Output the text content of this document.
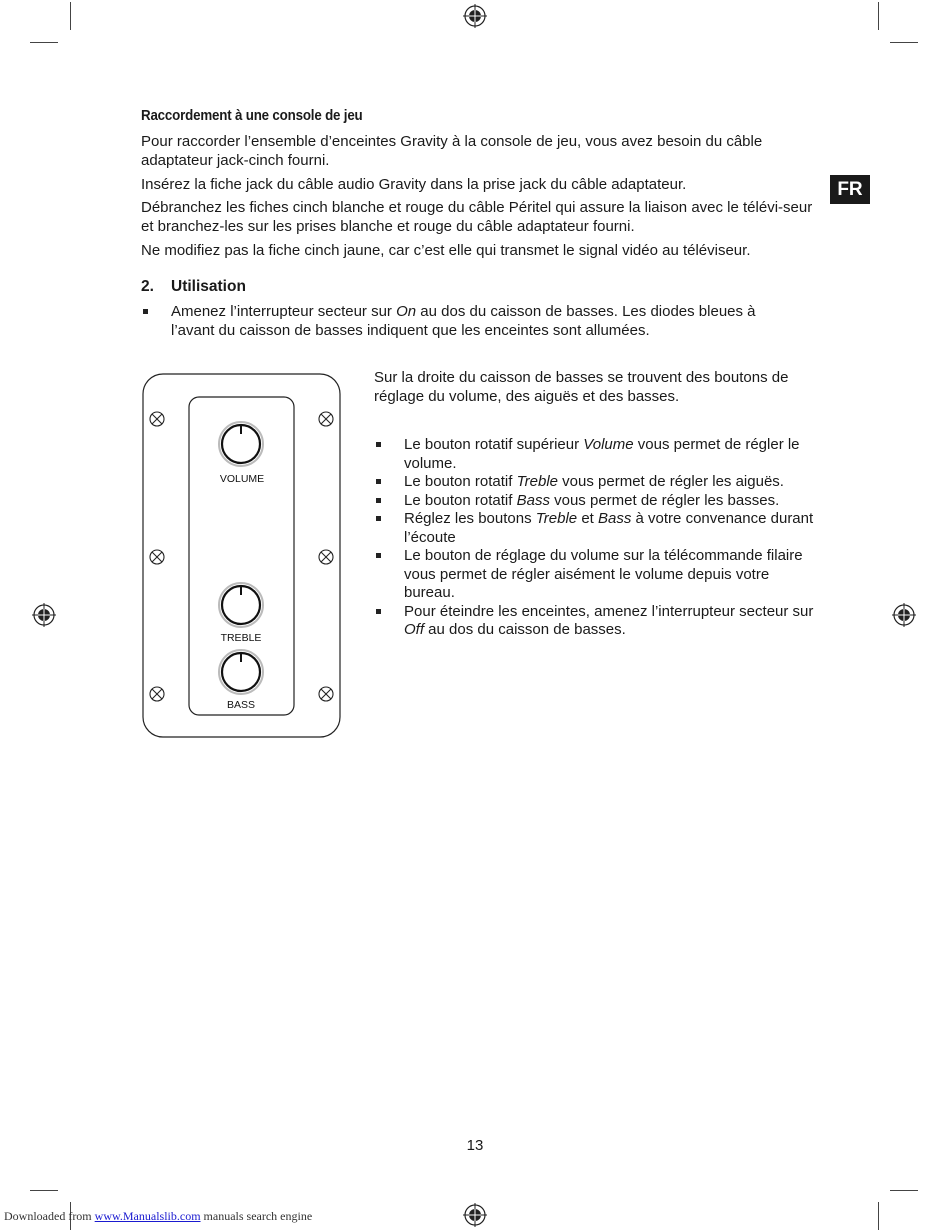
FR
Raccordement à une console de jeu

Pour raccorder l’ensemble d’enceintes Gravity à la console de jeu, vous avez besoin du câble adaptateur jack-cinch fourni.

Insérez la fiche jack du câble audio Gravity dans la prise jack du câble adaptateur.

Débranchez les fiches cinch blanche et rouge du câble Péritel qui assure la liaison avec le télévi-seur et branchez-les sur les prises blanche et rouge du câble adaptateur fourni.

Ne modifiez pas la fiche cinch jaune, car c’est elle qui transmet le signal vidéo au téléviseur.

2. Utilisation
Amenez l’interrupteur secteur sur On au dos du caisson de basses. Les diodes bleues à l’avant du caisson de basses indiquent que les enceintes sont allumées.
VOLUME
TREBLE
BASS

Sur la droite du caisson de basses se trouvent des boutons de réglage du volume, des aiguës et des basses.

Le bouton rotatif supérieur Volume vous permet de régler le volume.
Le bouton rotatif Treble vous permet de régler les aiguës.
Le bouton rotatif Bass vous permet de régler les basses.
Réglez les boutons Treble et Bass à votre convenance durant l’écoute
Le bouton de réglage du volume sur la télécommande filaire vous permet de régler aisément le volume depuis votre bureau.
Pour éteindre les enceintes, amenez l’interrupteur secteur sur Off au dos du caisson de basses.
13
Downloaded from www.Manualslib.com manuals search engine
